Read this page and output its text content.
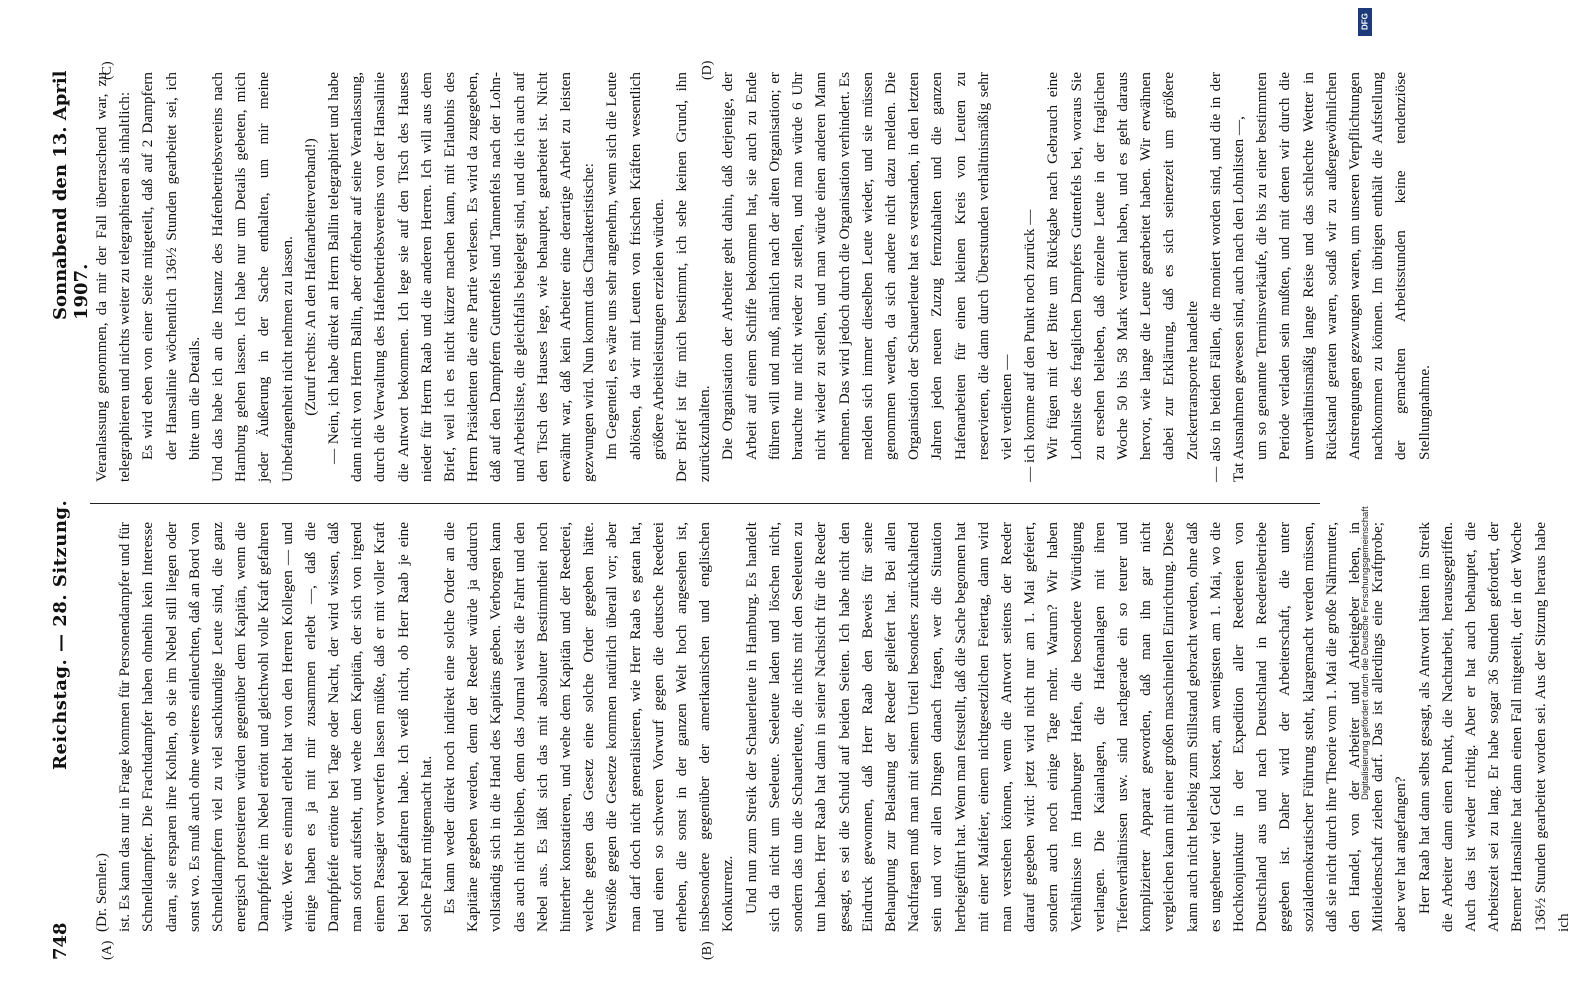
748
Reichstag. — 28. Sitzung.
Sonnabend den 13. April 1907.
(A)	(B)
(C)	(D)

(Dr. Semler.) ist. Es kann das nur in Frage kommen für Personendampfer und für Schnelldampfer. Die Frachtdampfer haben ohnehin kein Interesse daran, sie ersparen ihre Kohlen, ob sie im Nebel still liegen oder sonst wo. Es muß auch ohne weiteres einleuchten, daß an Bord von Schnelldampfern viel zu viel sachkundige Leute sind, die ganz energisch protestieren würden gegenüber dem Kapitän, wenn die Dampfpfeife im Nebel ertönt und gleichwohl volle Kraft gefahren würde. Wer es einmal erlebt hat von den Herren Kollegen — und einige haben es ja mit mir zusammen erlebt —, daß die Dampfpfeife ertönte bei Tage oder Nacht, der wird wissen, daß man sofort aufsteht, und wehe dem Kapitän, der sich von irgend einem Passagier vorwerfen lassen müßte, daß er mit voller Kraft bei Nebel gefahren habe. Ich weiß nicht, ob Herr Raab je eine solche Fahrt mitgemacht hat. Es kann weder direkt noch indirekt eine solche Order an die Kapitäne gegeben werden, denn der Reeder würde ja dadurch vollständig sich in die Hand des Kapitäns geben. Verborgen kann das auch nicht bleiben, denn das Journal weist die Fahrt und den Nebel aus. Es läßt sich das mit absoluter Bestimmtheit noch hinterher konstatieren, und wehe dem Kapitän und der Reederei, welche gegen das Gesetz eine solche Order gegeben hätte. Verstöße gegen die Gesetze kommen natürlich überall vor; aber man darf doch nicht generalisieren, wie Herr Raab es getan hat, und einen so schweren Vorwurf gegen die deutsche Reederei erheben, die sonst in der ganzen Welt hoch angesehen ist, insbesondere gegenüber der amerikanischen und englischen Konkurrenz. Und nun zum Streik der Schauerleute in Hamburg. Es handelt sich da nicht um Seeleute. Seeleute laden und löschen nicht, sondern das tun die Schauerleute, die nichts mit den Seeleuten zu tun haben. Herr Raab hat dann in seiner Nachsicht für die Reeder gesagt, es sei die Schuld auf beiden Seiten. Ich habe nicht den Eindruck gewonnen, daß Herr Raab den Beweis für seine Behauptung zur Belastung der Reeder geliefert hat. Bei allen Nachfragen muß man mit seinem Urteil besonders zurückhaltend sein und vor allen Dingen danach fragen, wer die Situation herbeigeführt hat. Wenn man feststellt, daß die Sache begonnen hat mit einer Maifeier, einem nichtgesetzlichen Feiertag, dann wird man verstehen können, wenn die Antwort seitens der Reeder darauf gegeben wird: jetzt wird nicht nur am 1. Mai gefeiert, sondern auch noch einige Tage mehr. Warum? Wir haben Verhältnisse im Hamburger Hafen, die besondere Würdigung verlangen. Die Kaianlagen, die Hafenanlagen mit ihren Tiefenverhältnissen usw. sind nachgerade ein so teurer und komplizierter Apparat geworden, daß man ihn gar nicht vergleichen kann mit einer großen maschinellen Einrichtung. Diese kann auch nicht beliebig zum Stillstand gebracht werden, ohne daß es ungeheuer viel Geld kostet, am wenigsten am 1. Mai, wo die Hochkonjunktur in der Expedition aller Reedereien von Deutschland aus und nach Deutschland in Reedereibetriebe gegeben ist. Daher wird der Arbeiterschaft, die unter sozialdemokratischer Führung steht, klargemacht werden müssen, daß sie nicht durch ihre Theorie vom 1. Mai die große Nährmutter, den Handel, von der Arbeiter und Arbeitgeber leben, in Mitleidenschaft ziehen darf. Das ist allerdings eine Kraftprobe; aber wer hat angefangen? Herr Raab hat dann selbst gesagt, als Antwort hätten im Streik die Arbeiter dann einen Punkt, die Nachtarbeit, herausgegriffen. Auch das ist wieder richtig. Aber er hat auch behauptet, die Arbeitszeit sei zu lang. Er habe sogar 36 Stunden gefordert, der Bremer Hansaline hat dann einen Fall mitgeteilt, der in der Woche 136½ Stunden gearbeitet worden sei. Aus der Sitzung heraus habe ich

Veranlassung genommen, da mir der Fall überraschend war, zu telegraphieren und nichts weiter zu telegraphieren als inhaltlich: Es wird eben von einer Seite mitgeteilt, daß auf 2 Dampfern der Hansalinie wöchentlich 136½ Stunden gearbeitet sei, ich bitte um die Details. Und das habe ich an die Instanz des Hafenbetriebsvereins nach Hamburg gehen lassen. Ich habe nur um Details gebeten, mich jeder Äußerung in der Sache enthalten, um mir meine Unbefangenheit nicht nehmen zu lassen. (Zuruf rechts: An den Hafenarbeiterverband!) — Nein, ich habe direkt an Herrn Ballin telegraphiert und habe dann nicht von Herrn Ballin, aber offenbar auf seine Veranlassung, durch die Verwaltung des Hafenbetriebsvereins von der Hansalinie die Antwort bekommen. Ich lege sie auf den Tisch des Hauses nieder für Herrn Raab und die anderen Herren. Ich will aus dem Brief, weil ich es nicht kürzer machen kann, mit Erlaubnis des Herrn Präsidenten die eine Partie verlesen. Es wird da zugegeben, daß auf den Dampfern Guttenfels und Tannenfels nach der Lohn- und Arbeitsliste, die gleichfalls beigelegt sind, und die ich auch auf den Tisch des Hauses lege, wie behauptet, gearbeitet ist. Nicht erwähnt war, daß kein Arbeiter eine derartige Arbeit zu leisten gezwungen wird. Nun kommt das Charakteristische: Im Gegenteil, es wäre uns sehr angenehm, wenn sich die Leute ablösten, da wir mit Leuten von frischen Kräften wesentlich größere Arbeitsleistungen erzielen würden. Der Brief ist für mich bestimmt, ich sehe keinen Grund, ihn zurückzuhalten. Die Organisation der Arbeiter geht dahin, daß derjenige, der Arbeit auf einem Schiffe bekommen hat, sie auch zu Ende führen will und muß, nämlich nach der alten Organisation; er brauchte nur nicht wieder zu stellen, und man würde 6 Uhr nicht wieder zu stellen, und man würde einen anderen Mann nehmen. Das wird jedoch durch die Organisation verhindert. Es melden sich immer dieselben Leute wieder, und sie müssen genommen werden, da sich andere nicht dazu melden. Die Organisation der Schauerleute hat es verstanden, in den letzten Jahren jeden neuen Zuzug fernzuhalten und die ganzen Hafenarbeiten für einen kleinen Kreis von Leuten zu reservieren, die dann durch Überstunden verhältnismäßig sehr viel verdienen — — ich komme auf den Punkt noch zurück — Wir fügen mit der Bitte um Rückgabe nach Gebrauch eine Lohnliste des fraglichen Dampfers Guttenfels bei, woraus Sie zu ersehen belieben, daß einzelne Leute in der fraglichen Woche 50 bis 58 Mark verdient haben, und es geht daraus hervor, wie lange die Leute gearbeitet haben. Wir erwähnen dabei zur Erklärung, daß es sich seinerzeit um größere Zuckertransporte handelte — also in beiden Fällen, die moniert worden sind, und die in der Tat Ausnahmen gewesen sind, auch nach den Lohnlisten —, um so genannte Terminsverkäufe, die bis zu einer bestimmten Periode verladen sein mußten, und mit denen wir durch die unverhältnismäßig lange Reise und das schlechte Wetter in Rückstand geraten waren, sodaß wir zu außergewöhnlichen Anstrengungen gezwungen waren, um unseren Verpflichtungen nachkommen zu können. Im übrigen enthält die Aufstellung der gemachten Arbeitsstunden keine tendenziöse Stellungnahme.

DFG
Digitalisierung gefördert durch die Deutsche Forschungsgemeinschaft
